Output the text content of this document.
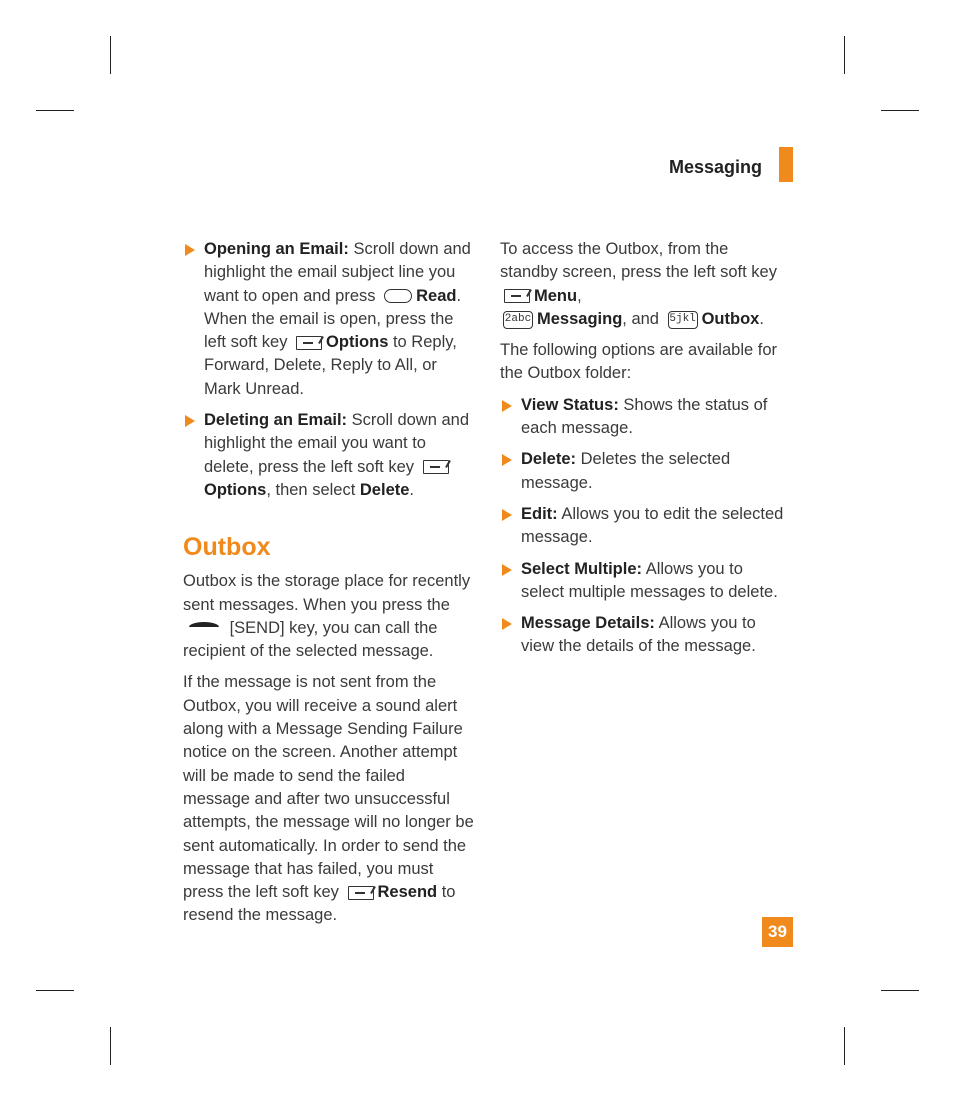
Messaging
Opening an Email: Scroll down and highlight the email subject line you want to open and press Read. When the email is open, press the left soft key Options to Reply, Forward, Delete, Reply to All, or Mark Unread.
Deleting an Email: Scroll down and highlight the email you want to delete, press the left soft key Options, then select Delete.
Outbox

Outbox is the storage place for recently sent messages. When you press the
[SEND] key, you can call the recipient of the selected message.

If the message is not sent from the Outbox, you will receive a sound alert along with a Message Sending Failure notice on the screen. Another attempt will be made to send the failed message and after two unsuccessful attempts, the message will no longer be sent automatically. In order to send the message that has failed, you must press the left soft key Resend to resend the message.

To access the Outbox, from the standby screen, press the left soft key Menu,
2abc Messaging, and 5jkl Outbox.

The following options are available for the Outbox folder:

View Status: Shows the status of each message.
Delete: Deletes the selected message.
Edit: Allows you to edit the selected message.
Select Multiple: Allows you to select multiple messages to delete.
Message Details: Allows you to view the details of the message.
39
